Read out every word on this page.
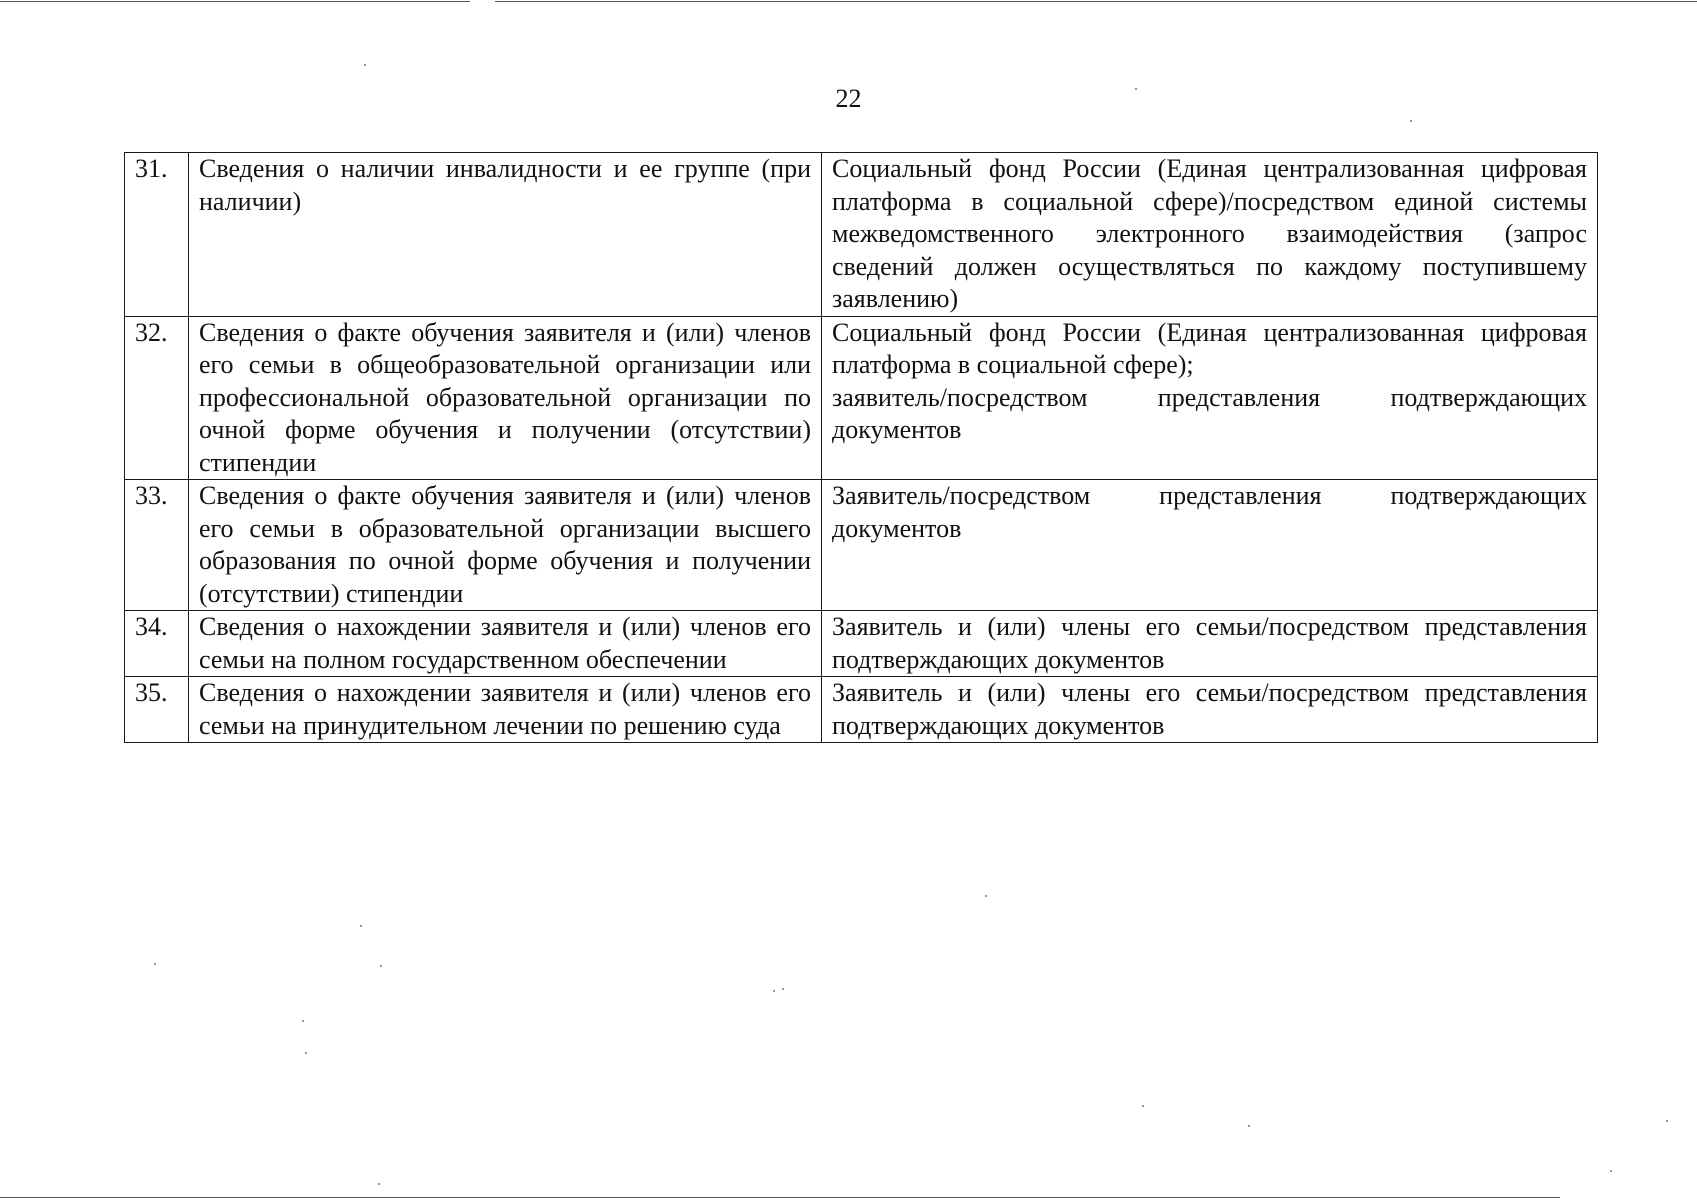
22
31.	Сведения о наличии инвалидности и ее группе (при наличии)	Социальный фонд России (Единая централизованная цифровая платформа в социальной сфере)/посредством единой системы межведомственного электронного взаимодействия (запрос сведений должен осуществляться по каждому поступившему заявлению)

32.	Сведения о факте обучения заявителя и (или) членов его семьи в общеобразовательной организации или профессиональной образовательной организации по очной форме обучения и получении (отсутствии) стипендии	Социальный фонд России (Единая централизованная цифровая платформа в социальной сфере);
заявитель/посредством представления подтверждающих документов

33.	Сведения о факте обучения заявителя и (или) членов его семьи в образовательной организации высшего образования по очной форме обучения и получении (отсутствии) стипендии	Заявитель/посредством представления подтверждающих документов

34.	Сведения о нахождении заявителя и (или) членов его семьи на полном государственном обеспечении	Заявитель и (или) члены его семьи/посредством представления подтверждающих документов

35.	Сведения о нахождении заявителя и (или) членов его семьи на принудительном лечении по решению суда	Заявитель и (или) члены его семьи/посредством представления подтверждающих документов
